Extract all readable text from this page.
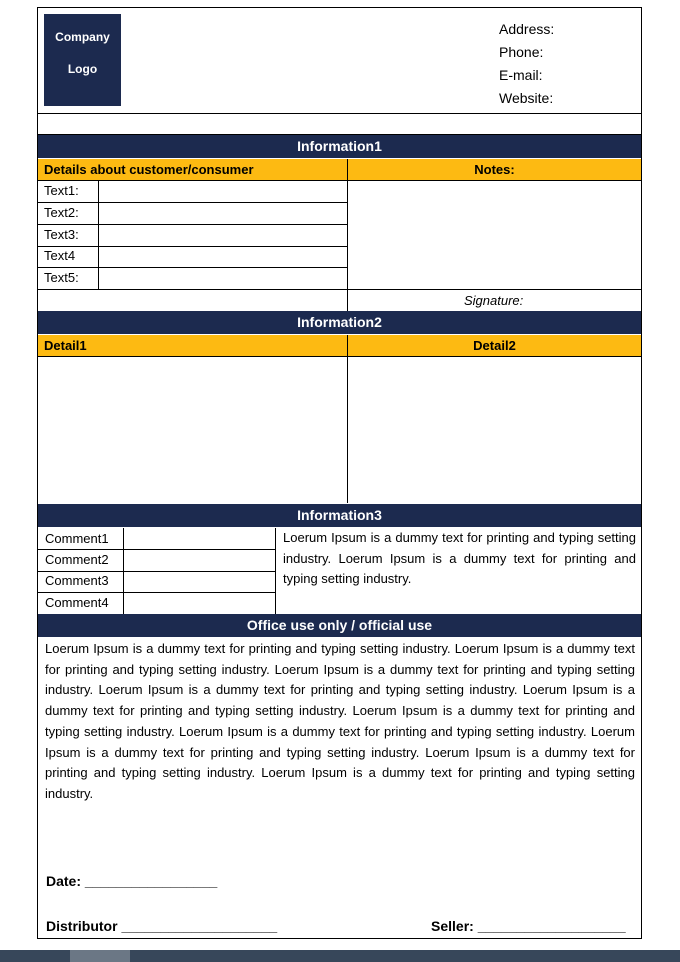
Company
Logo
Address:
Phone:
E-mail:
Website:
Information1
Details about customer/consumer	Notes:
Text1:
Text2:
Text3:
Text4
Text5:
Signature:
Information2
Detail1	Detail2
Information3
Comment1
Comment2
Comment3
Comment4
Loerum Ipsum is a dummy text for printing and typing setting industry. Loerum Ipsum is a dummy text for printing and typing setting industry.
Office use only / official use
Loerum Ipsum is a dummy text for printing and typing setting industry. Loerum Ipsum is a dummy text for printing and typing setting industry. Loerum Ipsum is a dummy text for printing and typing setting industry. Loerum Ipsum is a dummy text for printing and typing setting industry. Loerum Ipsum is a dummy text for printing and typing setting industry. Loerum Ipsum is a dummy text for printing and typing setting industry. Loerum Ipsum is a dummy text for printing and typing setting industry. Loerum Ipsum is a dummy text for printing and typing setting industry. Loerum Ipsum is a dummy text for printing and typing setting industry. Loerum Ipsum is a dummy text for printing and typing setting industry.
Date: _________________
Distributor ____________________	Seller: ___________________
